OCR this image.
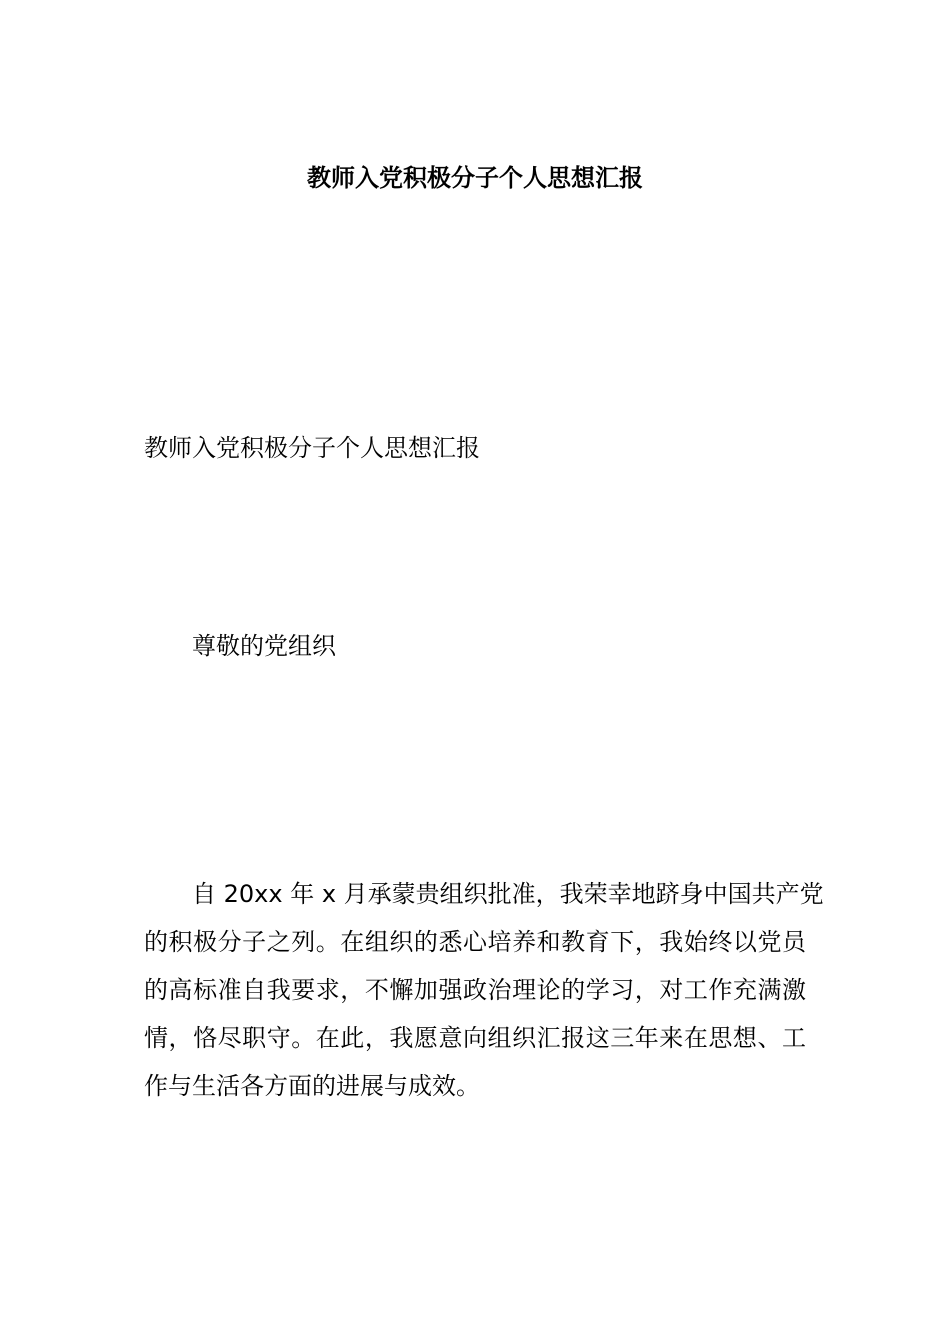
教师入党积极分子个人思想汇报

教师入党积极分子个人思想汇报

尊敬的党组织

自 20xx 年 x 月承蒙贵组织批准，我荣幸地跻身中国共产党
的积极分子之列。在组织的悉心培养和教育下，我始终以党员
的高标准自我要求，不懈加强政治理论的学习，对工作充满激
情，恪尽职守。在此，我愿意向组织汇报这三年来在思想、工
作与生活各方面的进展与成效。
